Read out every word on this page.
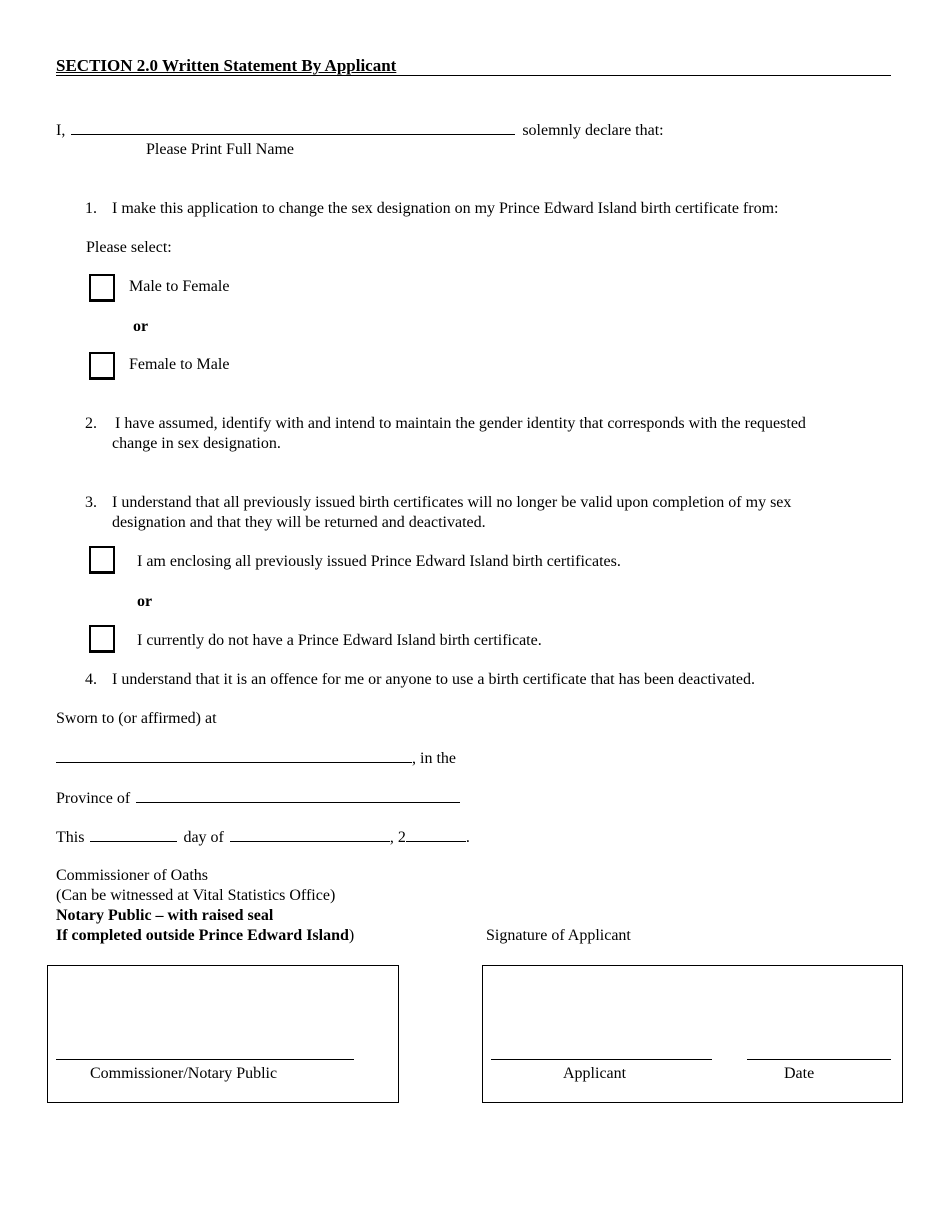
SECTION 2.0 Written Statement By Applicant
I,	solemnly declare that:
Please Print Full Name
1. I make this application to change the sex designation on my Prince Edward Island birth certificate from:
Please select:
Male to Female
or
Female to Male
2. I have assumed, identify with and intend to maintain the gender identity that corresponds with the requested
change in sex designation.
3. I understand that all previously issued birth certificates will no longer be valid upon completion of my sex
designation and that they will be returned and deactivated.
I am enclosing all previously issued Prince Edward Island birth certificates.
or
I currently do not have a Prince Edward Island birth certificate.
4. I understand that it is an offence for me or anyone to use a birth certificate that has been deactivated.
Sworn to (or affirmed) at
, in the
Province of
This	day of	, 2	.
Commissioner of Oaths
(Can be witnessed at Vital Statistics Office)
Notary Public – with raised seal
If completed outside Prince Edward Island)	Signature of Applicant
Commissioner/Notary Public	Applicant	Date
